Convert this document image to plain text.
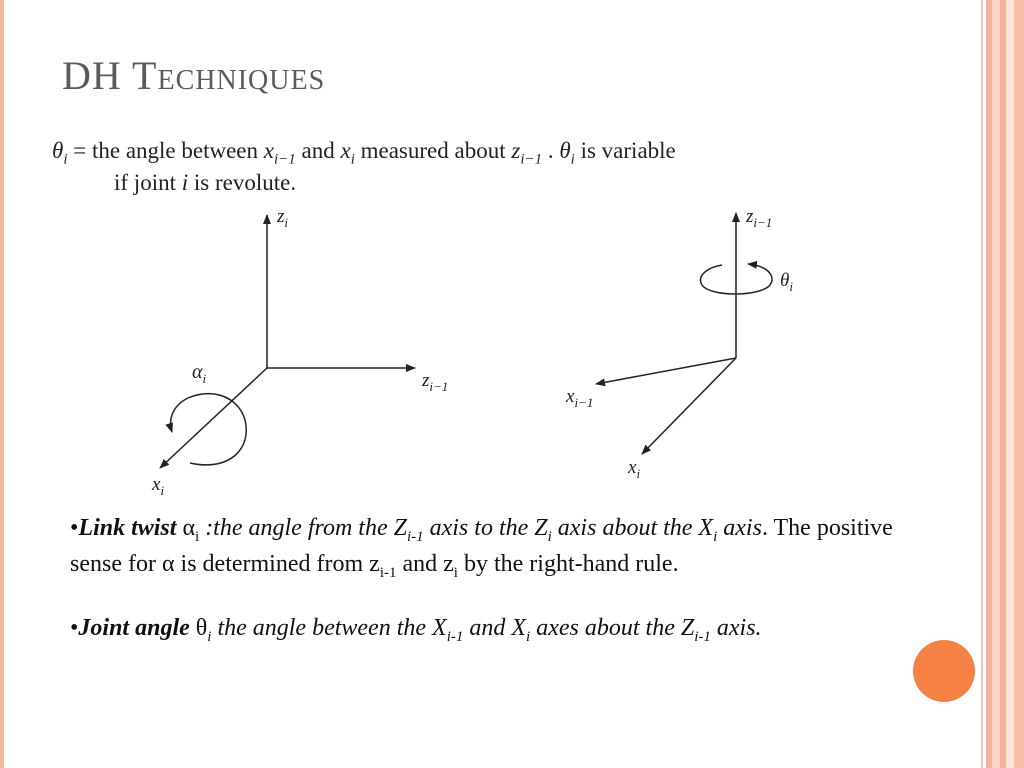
DH Techniques
$\theta_i$ = the angle between $x_{i-1}$ and $x_i$ measured about $z_{i-1}$ . $\theta_i$ is variable
if joint i is revolute.
$z_i$
$z_{i-1}$
$\alpha_i$
$x_i$
$z_{i-1}$
$\theta_i$
$x_{i-1}$
$x_i$

•Link twist $\alpha_i$ :the angle from the $Z_{i-1}$ axis to the $Z_i$ axis about the $X_i$ axis. The positive sense for α is determined from $z_{i-1}$ and $z_i$ by the right-hand rule.

•Joint angle $\theta_i$ the angle between the $X_{i-1}$ and $X_i$ axes about the $Z_{i-1}$ axis.
